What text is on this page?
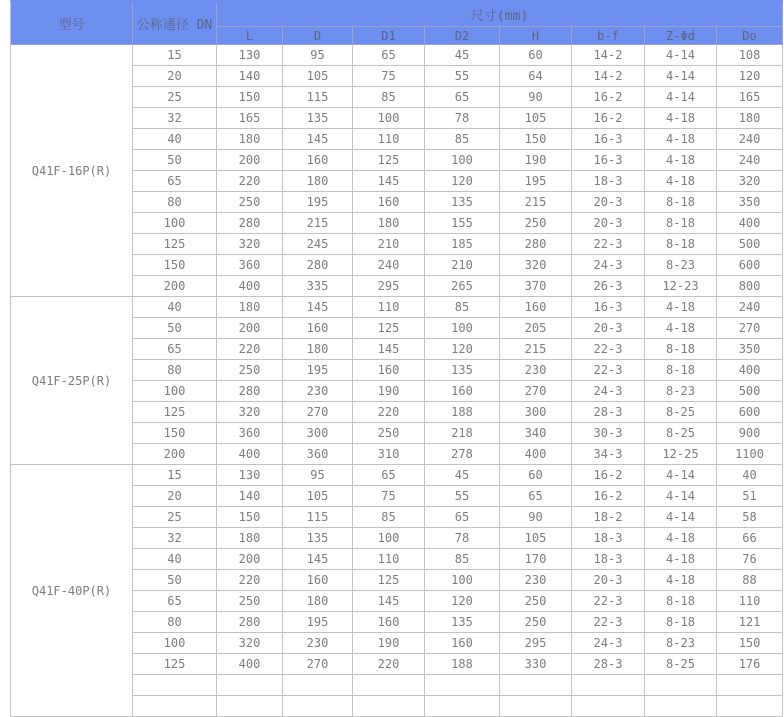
型号	公称通径 DN	尺寸(mm)							
		L	D	D1	D2	H	b-f	Z-Φd	Do
Q41F-16P(R)	15	130	95	65	45	60	14-2	4-14	108
	20	140	105	75	55	64	14-2	4-14	120
	25	150	115	85	65	90	16-2	4-14	165
	32	165	135	100	78	105	16-2	4-18	180
	40	180	145	110	85	150	16-3	4-18	240
	50	200	160	125	100	190	16-3	4-18	240
	65	220	180	145	120	195	18-3	4-18	320
	80	250	195	160	135	215	20-3	8-18	350
	100	280	215	180	155	250	20-3	8-18	400
	125	320	245	210	185	280	22-3	8-18	500
	150	360	280	240	210	320	24-3	8-23	600
	200	400	335	295	265	370	26-3	12-23	800
Q41F-25P(R)	40	180	145	110	85	160	16-3	4-18	240
	50	200	160	125	100	205	20-3	4-18	270
	65	220	180	145	120	215	22-3	8-18	350
	80	250	195	160	135	230	22-3	8-18	400
	100	280	230	190	160	270	24-3	8-23	500
	125	320	270	220	188	300	28-3	8-25	600
	150	360	300	250	218	340	30-3	8-25	900
	200	400	360	310	278	400	34-3	12-25	1100
Q41F-40P(R)	15	130	95	65	45	60	16-2	4-14	40
	20	140	105	75	55	65	16-2	4-14	51
	25	150	115	85	65	90	18-2	4-14	58
	32	180	135	100	78	105	18-3	4-18	66
	40	200	145	110	85	170	18-3	4-18	76
	50	220	160	125	100	230	20-3	4-18	88
	65	250	180	145	120	250	22-3	8-18	110
	80	280	195	160	135	250	22-3	8-18	121
	100	320	230	190	160	295	24-3	8-23	150
	125	400	270	220	188	330	28-3	8-25	176
